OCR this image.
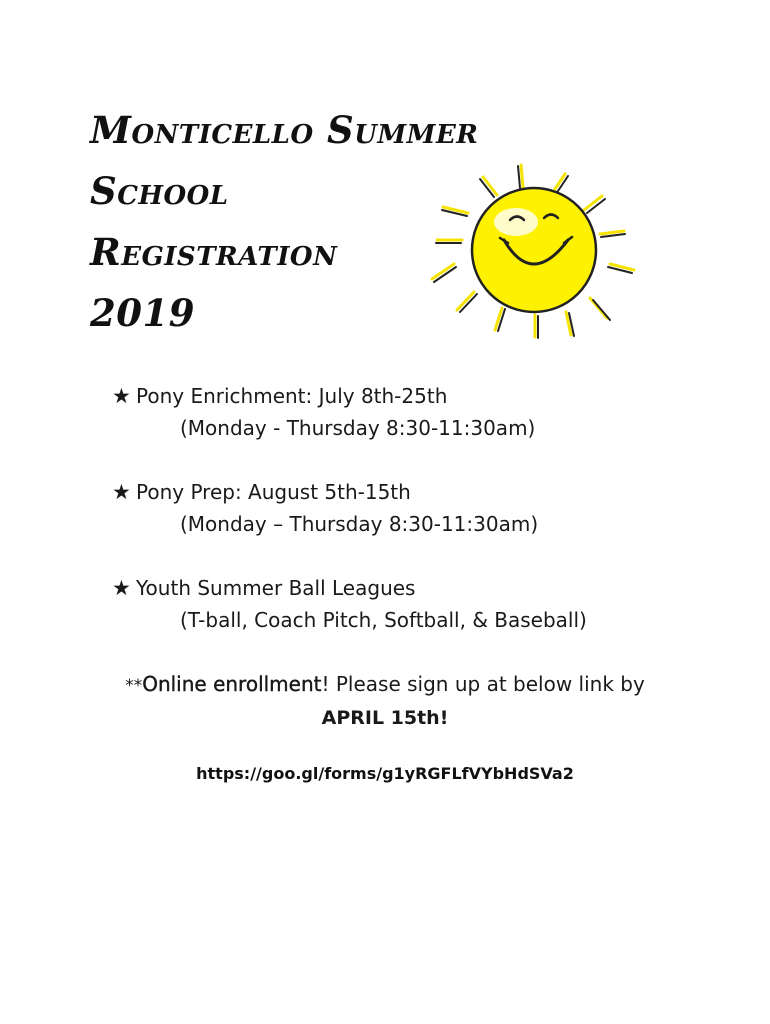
Monticello Summer
School
Registration
2019
★ Pony Enrichment: July 8th-25th
(Monday - Thursday 8:30-11:30am)
★ Pony Prep: August 5th-15th
(Monday – Thursday 8:30-11:30am)
★ Youth Summer Ball Leagues
(T-ball, Coach Pitch, Softball, & Baseball)
**Online enrollment! Please sign up at below link by
APRIL 15th!
https://goo.gl/forms/g1yRGFLfVYbHdSVa2
